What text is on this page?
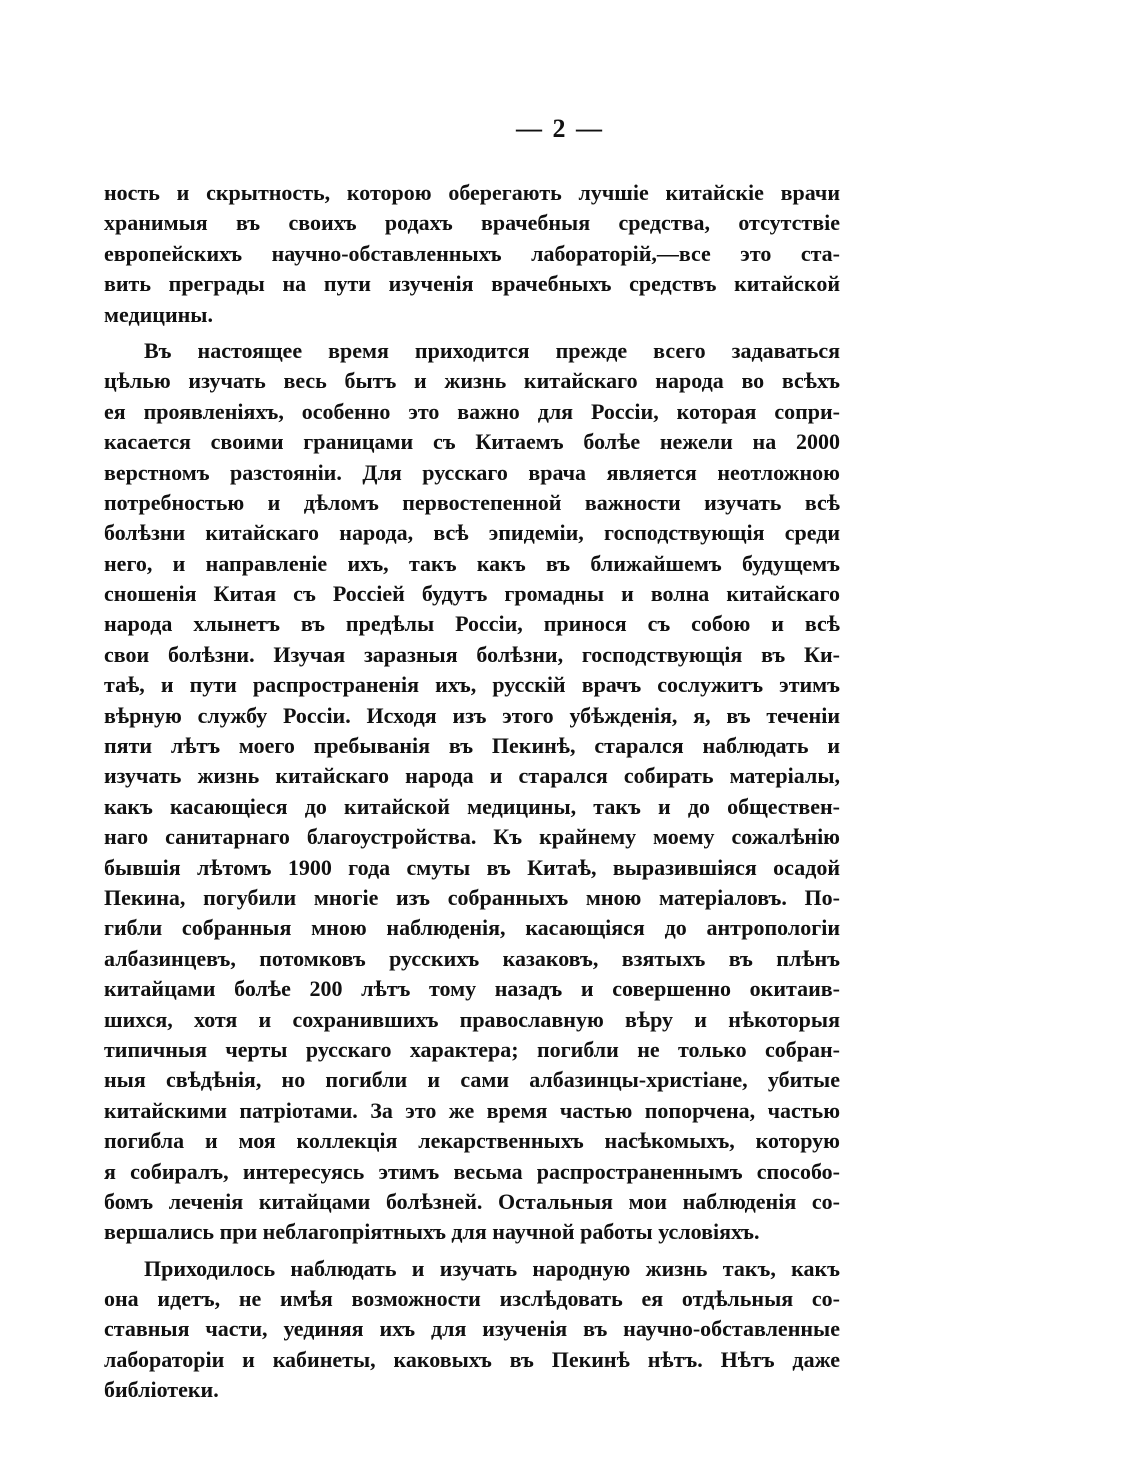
— 2 —
ность и скрытность, которою оберегають лучшіе китайскіе врачи
хранимыя въ своихъ родахъ врачебныя средства, отсутствіе
европейскихъ научно-обставленныхъ лабораторій,—все это ста-
вить преграды на пути изученія врачебныхъ средствъ китайской
медицины.
Въ настоящее время приходится прежде всего задаваться
цѣлью изучать весь бытъ и жизнь китайскаго народа во всѣхъ
ея проявленіяхъ, особенно это важно для Россіи, которая сопри-
касается своими границами съ Китаемъ болѣе нежели на 2000
верстномъ разстояніи. Для русскаго врача является неотложною
потребностью и дѣломъ первостепенной важности изучать всѣ
болѣзни китайскаго народа, всѣ эпидеміи, господствующія среди
него, и направленіе ихъ, такъ какъ въ ближайшемъ будущемъ
сношенія Китая съ Россіей будутъ громадны и волна китайскаго
народа хлынетъ въ предѣлы Россіи, принося съ собою и всѣ
свои болѣзни. Изучая заразныя болѣзни, господствующія въ Ки-
таѣ, и пути распространенія ихъ, русскій врачъ сослужитъ этимъ
вѣрную службу Россіи. Исходя изъ этого убѣжденія, я, въ теченіи
пяти лѣтъ моего пребыванія въ Пекинѣ, старался наблюдать и
изучать жизнь китайскаго народа и старался собирать матеріалы,
какъ касающіеся до китайской медицины, такъ и до обществен-
наго санитарнаго благоустройства. Къ крайнему моему сожалѣнію
бывшія лѣтомъ 1900 года смуты въ Китаѣ, выразившіяся осадой
Пекина, погубили многіе изъ собранныхъ мною матеріаловъ. По-
гибли собранныя мною наблюденія, касающіяся до антропологіи
албазинцевъ, потомковъ русскихъ казаковъ, взятыхъ въ плѣнъ
китайцами болѣе 200 лѣтъ тому назадъ и совершенно окитаив-
шихся, хотя и сохранившихъ православную вѣру и нѣкоторыя
типичныя черты русскаго характера; погибли не только собран-
ныя свѣдѣнія, но погибли и сами албазинцы-христіане, убитые
китайскими патріотами. За это же время частью попорчена, частью
погибла и моя коллекція лекарственныхъ насѣкомыхъ, которую
я собиралъ, интересуясь этимъ весьма распространеннымъ способо-
бомъ леченія китайцами болѣзней. Остальныя мои наблюденія со-
вершались при неблагопріятныхъ для научной работы условіяхъ.
Приходилось наблюдать и изучать народную жизнь такъ, какъ
она идетъ, не имѣя возможности изслѣдовать ея отдѣльныя со-
ставныя части, уединяя ихъ для изученія въ научно-обставленные
лабораторіи и кабинеты, каковыхъ въ Пекинѣ нѣтъ. Нѣтъ даже
библіотеки.
